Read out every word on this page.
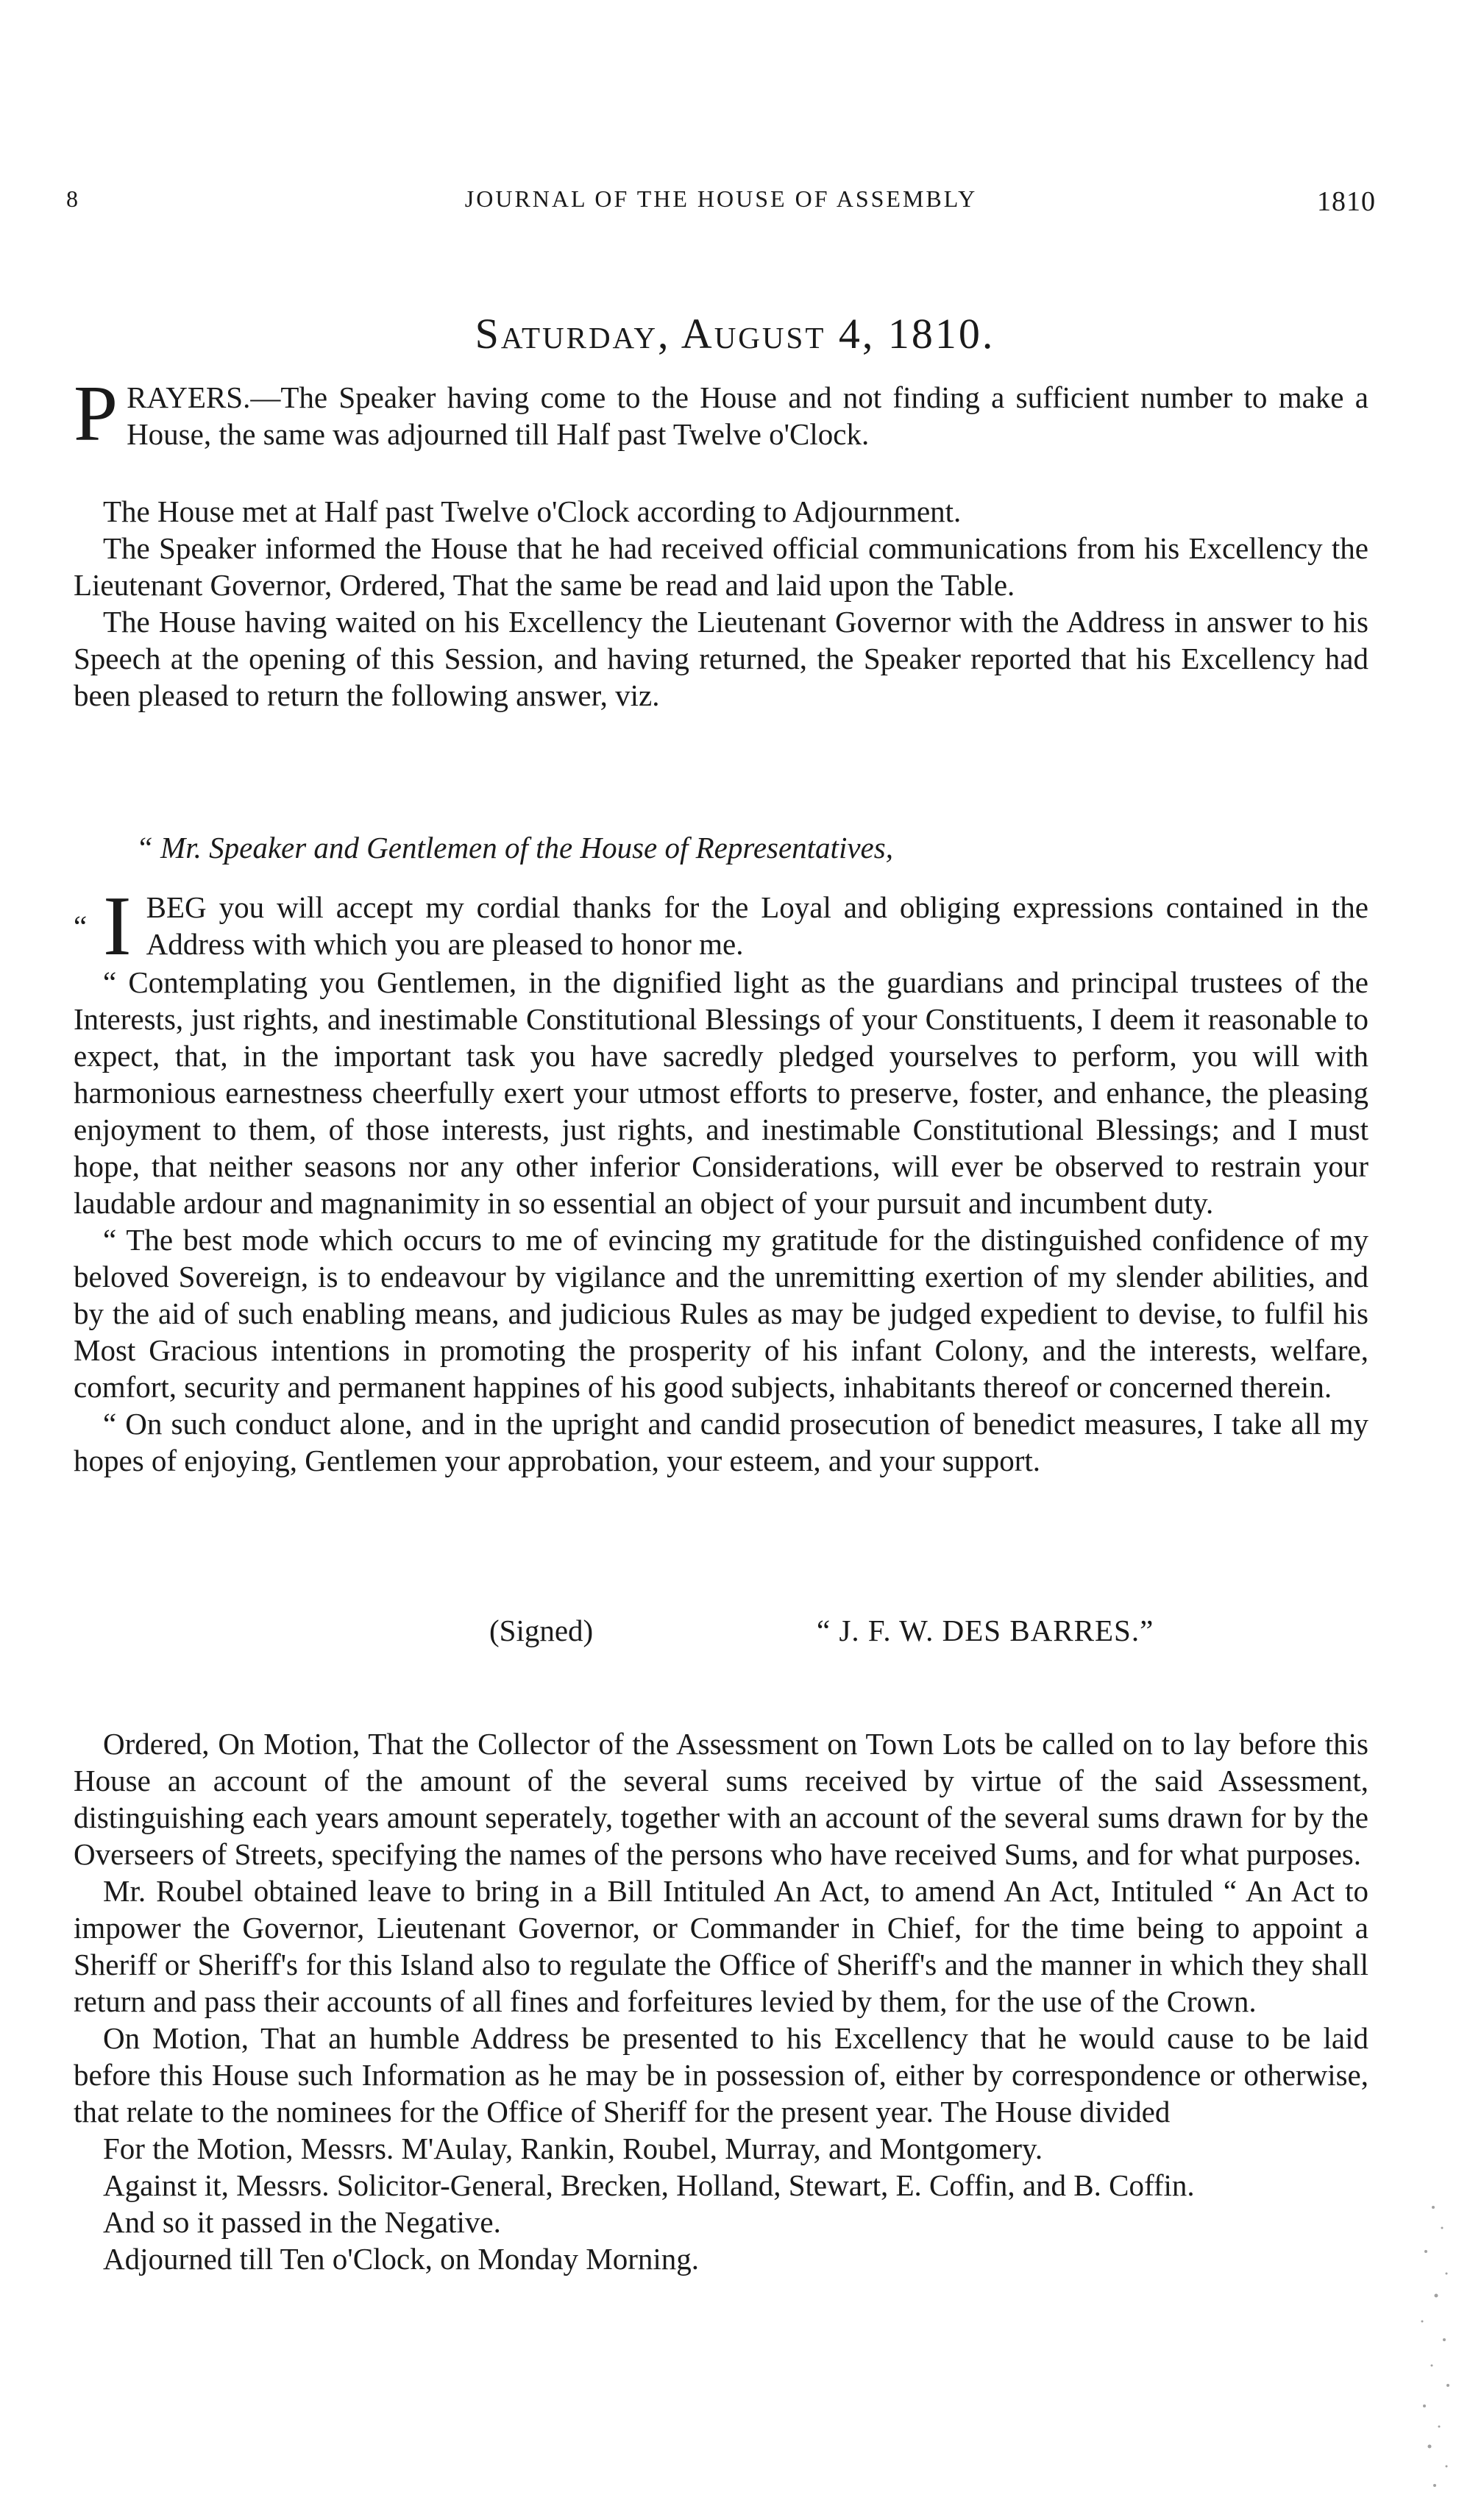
8	JOURNAL OF THE HOUSE OF ASSEMBLY	1810
Saturday, August 4, 1810.
P RAYERS.—The Speaker having come to the House and not finding a sufficient number to make a House, the same was adjourned till Half past Twelve o'Clock.

The House met at Half past Twelve o'Clock according to Adjournment.

The Speaker informed the House that he had received official communications from his Excellency the Lieutenant Governor, Ordered, That the same be read and laid upon the Table.

The House having waited on his Excellency the Lieutenant Governor with the Address in answer to his Speech at the opening of this Session, and having returned, the Speaker reported that his Excellency had been pleased to return the following answer, viz.

“ Mr. Speaker and Gentlemen of the House of Representatives,
“ I BEG you will accept my cordial thanks for the Loyal and obliging expressions contained in the Address with which you are pleased to honor me.

“ Contemplating you Gentlemen, in the dignified light as the guardians and principal trustees of the Interests, just rights, and inestimable Constitutional Blessings of your Constituents, I deem it reasonable to expect, that, in the important task you have sacredly pledged yourselves to perform, you will with harmonious earnestness cheerfully exert your utmost efforts to preserve, foster, and enhance, the pleasing enjoyment to them, of those interests, just rights, and inestimable Constitutional Blessings; and I must hope, that neither seasons nor any other inferior Considerations, will ever be observed to restrain your laudable ardour and magnanimity in so essential an object of your pursuit and incumbent duty.

“ The best mode which occurs to me of evincing my gratitude for the distinguished confidence of my beloved Sovereign, is to endeavour by vigilance and the unremitting exertion of my slender abilities, and by the aid of such enabling means, and judicious Rules as may be judged expedient to devise, to fulfil his Most Gracious intentions in promoting the prosperity of his infant Colony, and the interests, welfare, comfort, security and permanent happines of his good subjects, inhabitants thereof or concerned therein.

“ On such conduct alone, and in the upright and candid prosecution of benedict measures, I take all my hopes of enjoying, Gentlemen your approbation, your esteem, and your support.

(Signed)	“ J. F. W. DES BARRES.”

Ordered, On Motion, That the Collector of the Assessment on Town Lots be called on to lay before this House an account of the amount of the several sums received by virtue of the said Assessment, distinguishing each years amount seperately, together with an account of the several sums drawn for by the Overseers of Streets, specifying the names of the persons who have received Sums, and for what purposes.

Mr. Roubel obtained leave to bring in a Bill Intituled An Act, to amend An Act, Intituled “ An Act to impower the Governor, Lieutenant Governor, or Commander in Chief, for the time being to appoint a Sheriff or Sheriff's for this Island also to regulate the Office of Sheriff's and the manner in which they shall return and pass their accounts of all fines and forfeitures levied by them, for the use of the Crown.

On Motion, That an humble Address be presented to his Excellency that he would cause to be laid before this House such Information as he may be in possession of, either by correspondence or otherwise, that relate to the nominees for the Office of Sheriff for the present year. The House divided

For the Motion, Messrs. M'Aulay, Rankin, Roubel, Murray, and Montgomery.

Against it, Messrs. Solicitor-General, Brecken, Holland, Stewart, E. Coffin, and B. Coffin.

And so it passed in the Negative.

Adjourned till Ten o'Clock, on Monday Morning.
